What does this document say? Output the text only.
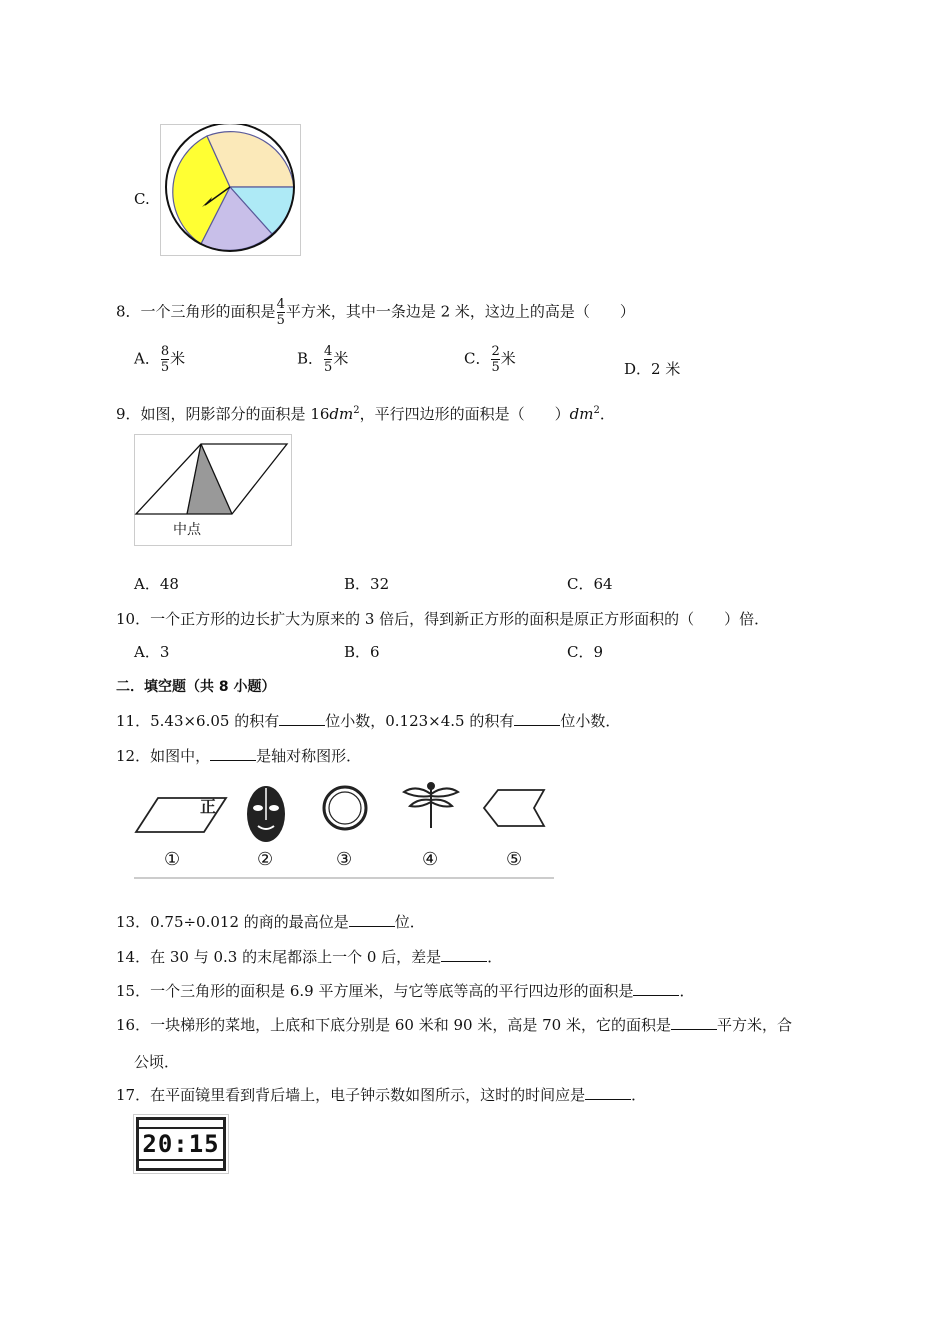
C.
8．一个三角形的面积是 $\frac{4}{5}$ 平方米，其中一条边是 2 米，这边上的高是（　　）
A． $\frac{8}{5}$ 米	B． $\frac{4}{5}$ 米	C． $\frac{2}{5}$ 米
D．2 米
9．如图，阴影部分的面积是 $16dm^2$，平行四边形的面积是（　　）$dm^2$．
中点
A．48	B．32	C．64
10．一个正方形的边长扩大为原来的 3 倍后，得到新正方形的面积是原正方形面积的（　　）倍．
A．3	B．6	C．9
二．填空题（共 8 小题）
11．5.43×6.05 的积有	位小数，0.123×4.5 的积有	位小数．
12．如图中，	是轴对称图形．
正
①	②	③	④	⑤
13．0.75÷0.012 的商的最高位是	位．
14．在 30 与 0.3 的末尾都添上一个 0 后，差是	．
15．一个三角形的面积是 6.9 平方厘米，与它等底等高的平行四边形的面积是	．
16．一块梯形的菜地，上底和下底分别是 60 米和 90 米，高是 70 米，它的面积是	平方米，合
公顷．
17．在平面镜里看到背后墙上，电子钟示数如图所示，这时的时间应是	．
20:15
